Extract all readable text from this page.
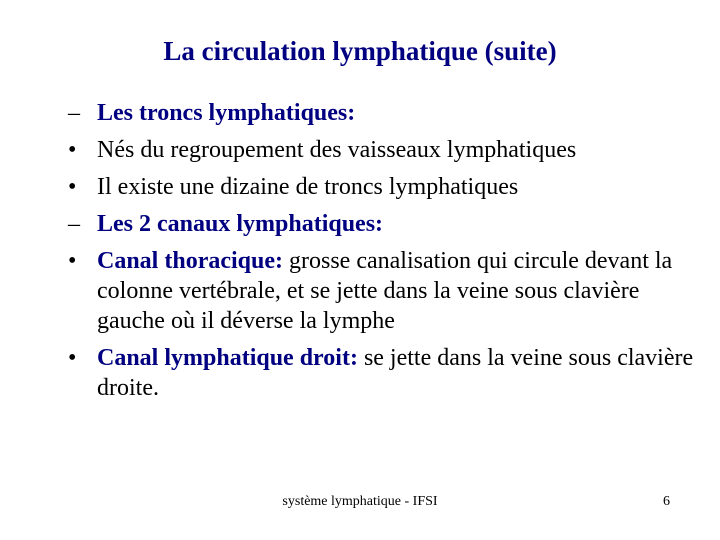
La circulation lymphatique (suite)
– Les troncs lymphatiques:
• Nés du regroupement des vaisseaux lymphatiques
• Il existe une dizaine de troncs lymphatiques
– Les 2 canaux lymphatiques:
• Canal thoracique: grosse canalisation qui circule devant la colonne vertébrale, et se jette dans la veine sous clavière gauche où il déverse la lymphe
• Canal lymphatique droit: se jette dans la veine sous clavière droite.
système lymphatique - IFSI	6
